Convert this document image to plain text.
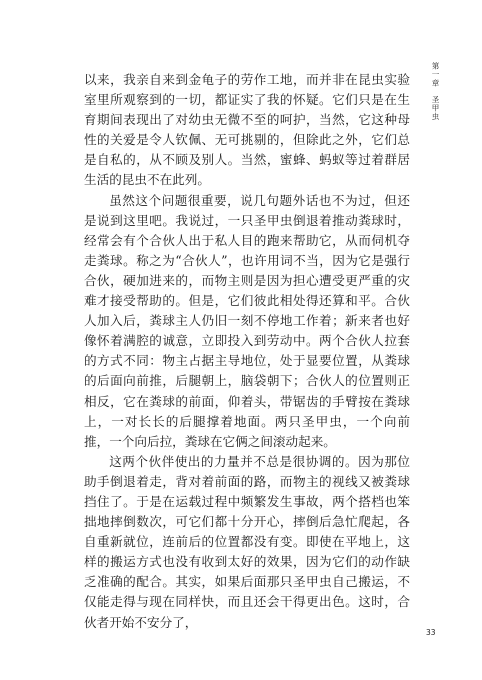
以来，我亲自来到金龟子的劳作工地，而并非在昆虫实验室里所观察到的一切，都证实了我的怀疑。它们只是在生育期间表现出了对幼虫无微不至的呵护，当然，它这种母性的关爱是令人钦佩、无可挑剔的，但除此之外，它们总是自私的，从不顾及别人。当然，蜜蜂、蚂蚁等过着群居生活的昆虫不在此列。

虽然这个问题很重要，说几句题外话也不为过，但还是说到这里吧。我说过，一只圣甲虫倒退着推动粪球时，经常会有个合伙人出于私人目的跑来帮助它，从而伺机夺走粪球。称之为“合伙人”，也许用词不当，因为它是强行合伙，硬加进来的，而物主则是因为担心遭受更严重的灾难才接受帮助的。但是，它们彼此相处得还算和平。合伙人加入后，粪球主人仍旧一刻不停地工作着；新来者也好像怀着满腔的诚意，立即投入到劳动中。两个合伙人拉套的方式不同：物主占据主导地位，处于显要位置，从粪球的后面向前推，后腿朝上，脑袋朝下；合伙人的位置则正相反，它在粪球的前面，仰着头，带锯齿的手臂按在粪球上，一对长长的后腿撑着地面。两只圣甲虫，一个向前推，一个向后拉，粪球在它俩之间滚动起来。

这两个伙伴使出的力量并不总是很协调的。因为那位助手倒退着走，背对着前面的路，而物主的视线又被粪球挡住了。于是在运载过程中频繁发生事故，两个搭档也笨拙地摔倒数次，可它们都十分开心，摔倒后急忙爬起，各自重新就位，连前后的位置都没有变。即使在平地上，这样的搬运方式也没有收到太好的效果，因为它们的动作缺乏准确的配合。其实，如果后面那只圣甲虫自己搬运，不仅能走得与现在同样快，而且还会干得更出色。这时，合伙者开始不安分了，

第一章圣甲虫
33
